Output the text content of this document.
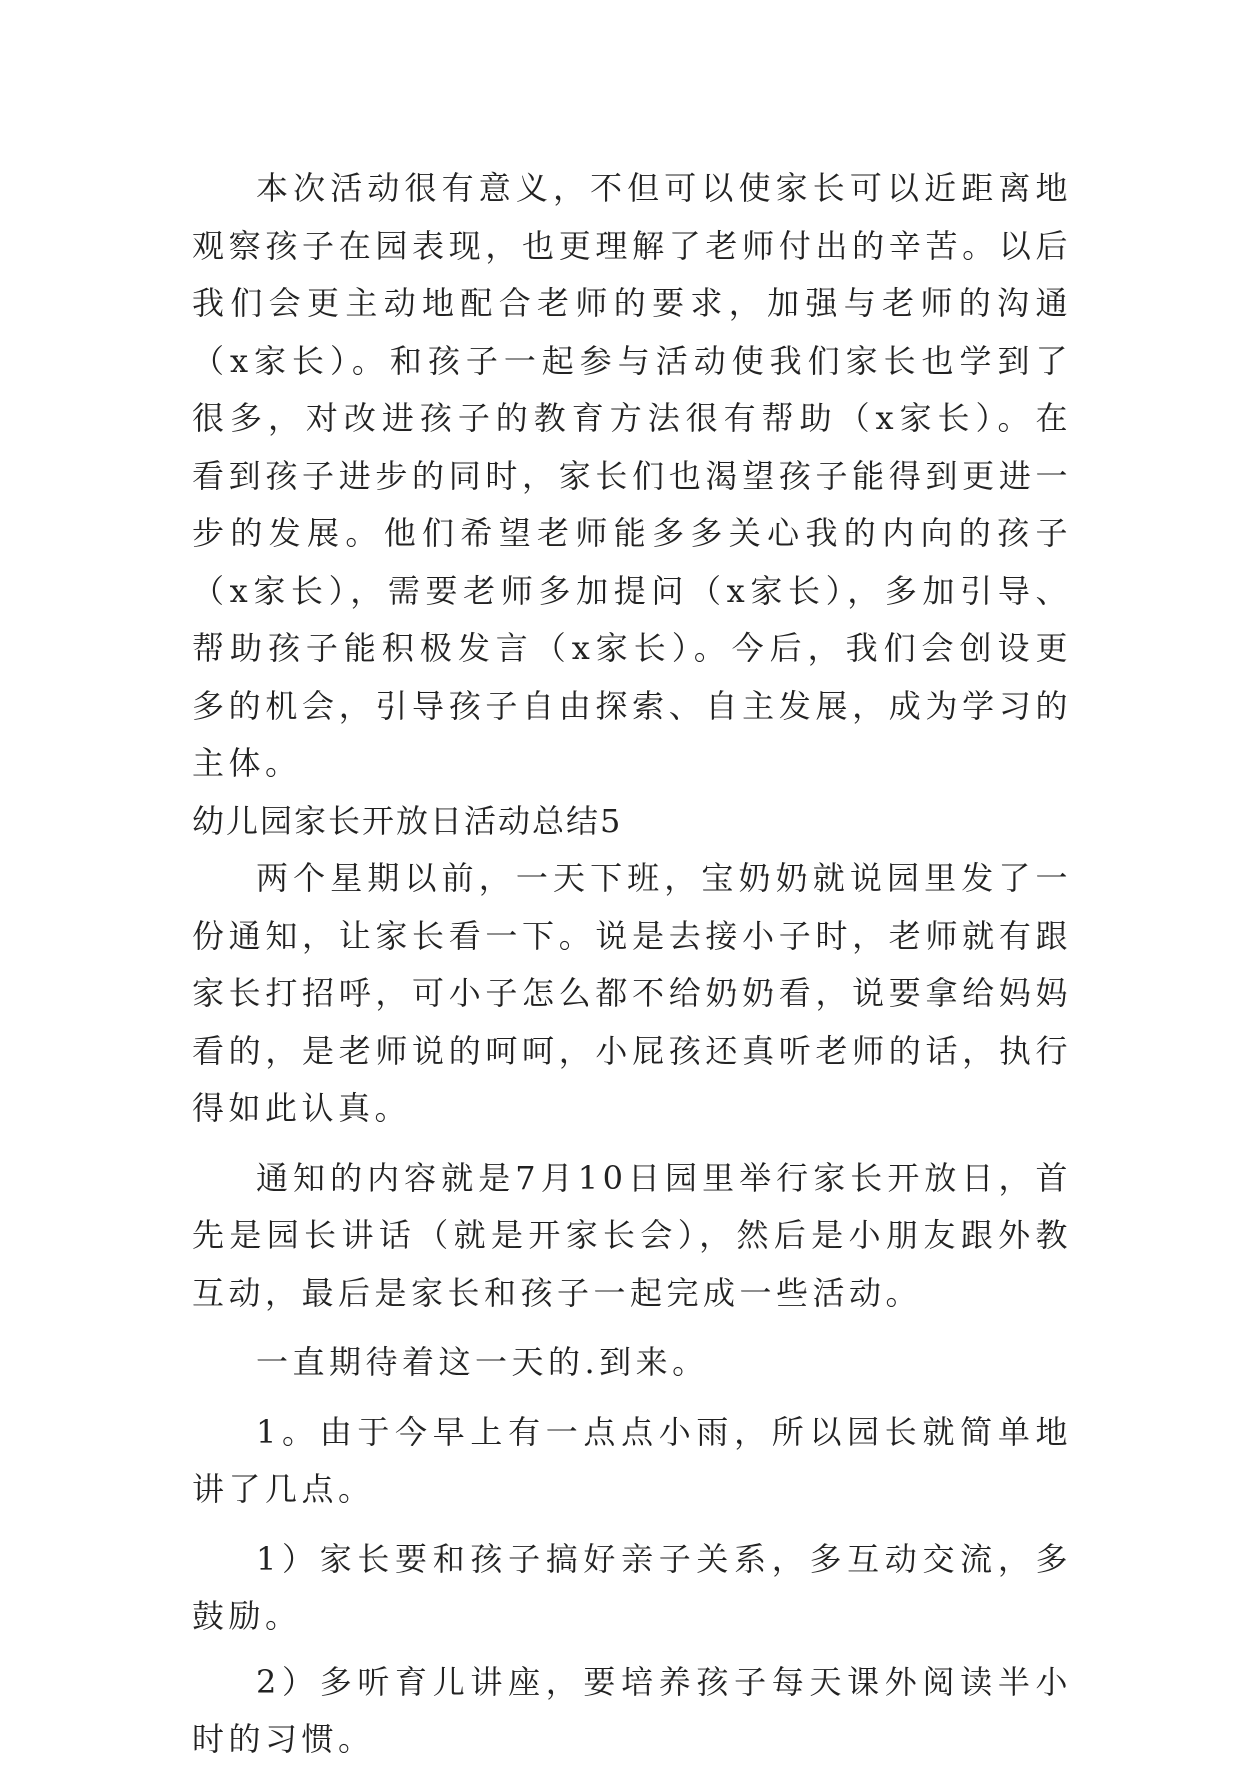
本次活动很有意义，不但可以使家长可以近距离地观察孩子在园表现，也更理解了老师付出的辛苦。以后我们会更主动地配合老师的要求，加强与老师的沟通（x家长）。和孩子一起参与活动使我们家长也学到了很多，对改进孩子的教育方法很有帮助（x家长）。在看到孩子进步的同时，家长们也渴望孩子能得到更进一步的发展。他们希望老师能多多关心我的内向的孩子（x家长），需要老师多加提问（x家长），多加引导、帮助孩子能积极发言（x家长）。今后，我们会创设更多的机会，引导孩子自由探索、自主发展，成为学习的主体。

幼儿园家长开放日活动总结5

两个星期以前，一天下班，宝奶奶就说园里发了一份通知，让家长看一下。说是去接小子时，老师就有跟家长打招呼，可小子怎么都不给奶奶看，说要拿给妈妈看的，是老师说的呵呵，小屁孩还真听老师的话，执行得如此认真。

通知的内容就是7月10日园里举行家长开放日，首先是园长讲话（就是开家长会），然后是小朋友跟外教互动，最后是家长和孩子一起完成一些活动。

一直期待着这一天的.到来。

1。由于今早上有一点点小雨，所以园长就简单地讲了几点。

1）家长要和孩子搞好亲子关系，多互动交流，多鼓励。

2）多听育儿讲座，要培养孩子每天课外阅读半小时的习惯。
